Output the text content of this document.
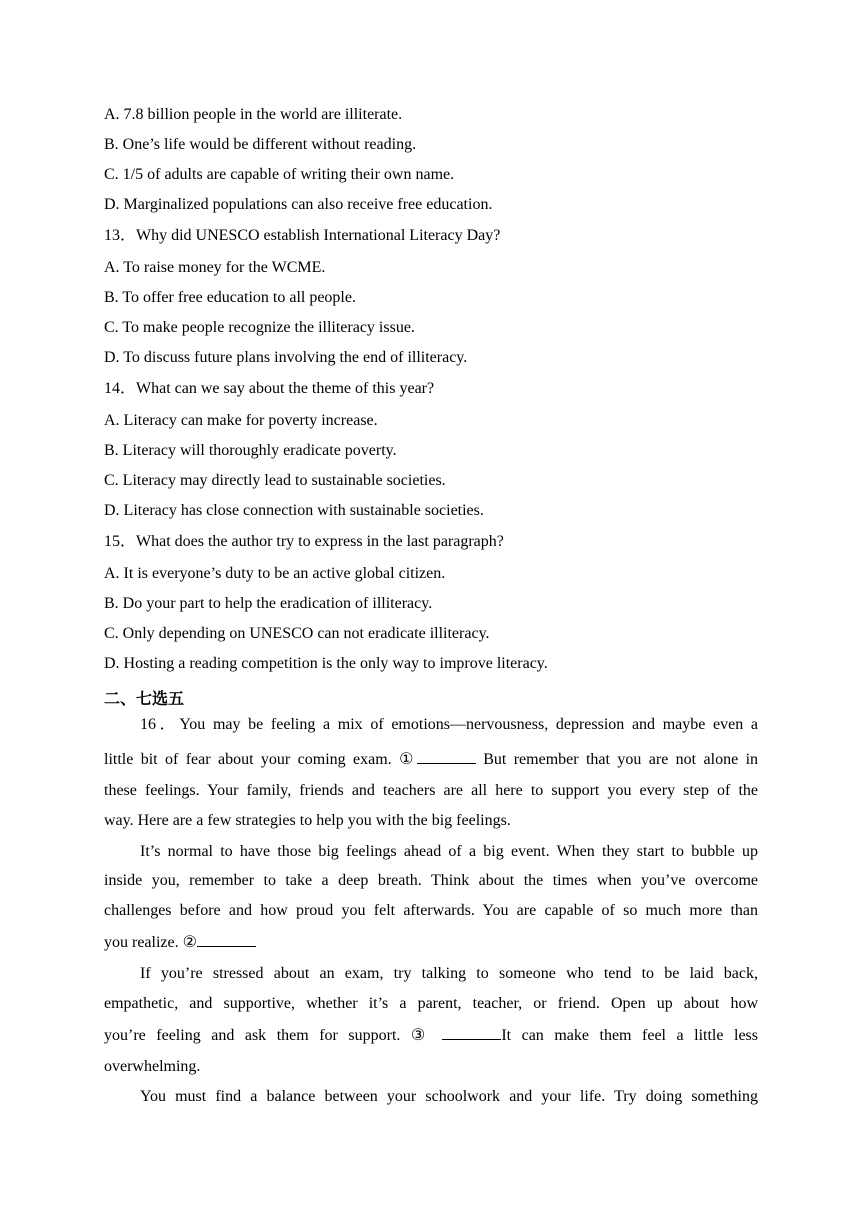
A. 7.8 billion people in the world are illiterate.
B. One’s life would be different without reading.
C. 1/5 of adults are capable of writing their own name.
D. Marginalized populations can also receive free education.
13．Why did UNESCO establish International Literacy Day?
A. To raise money for the WCME.
B. To offer free education to all people.
C. To make people recognize the illiteracy issue.
D. To discuss future plans involving the end of illiteracy.
14．What can we say about the theme of this year?
A. Literacy can make for poverty increase.
B. Literacy will thoroughly eradicate poverty.
C. Literacy may directly lead to sustainable societies.
D. Literacy has close connection with sustainable societies.
15．What does the author try to express in the last paragraph?
A. It is everyone’s duty to be an active global citizen.
B. Do your part to help the eradication of illiteracy.
C. Only depending on UNESCO can not eradicate illiteracy.
D. Hosting a reading competition is the only way to improve literacy.
二、七选五
16．You may be feeling a mix of emotions—nervousness, depression and maybe even a
little bit of fear about your coming exam. ①	But remember that you are not alone in
these feelings. Your family, friends and teachers are all here to support you every step of the
way. Here are a few strategies to help you with the big feelings.
It’s normal to have those big feelings ahead of a big event. When they start to bubble up
inside you, remember to take a deep breath. Think about the times when you’ve overcome
challenges before and how proud you felt afterwards. You are capable of so much more than
you realize. ②
If you’re stressed about an exam, try talking to someone who tend to be laid back,
empathetic, and supportive, whether it’s a parent, teacher, or friend. Open up about how
you’re feeling and ask them for support. ③	It can make them feel a little less
overwhelming.
You must find a balance between your schoolwork and your life. Try doing something
